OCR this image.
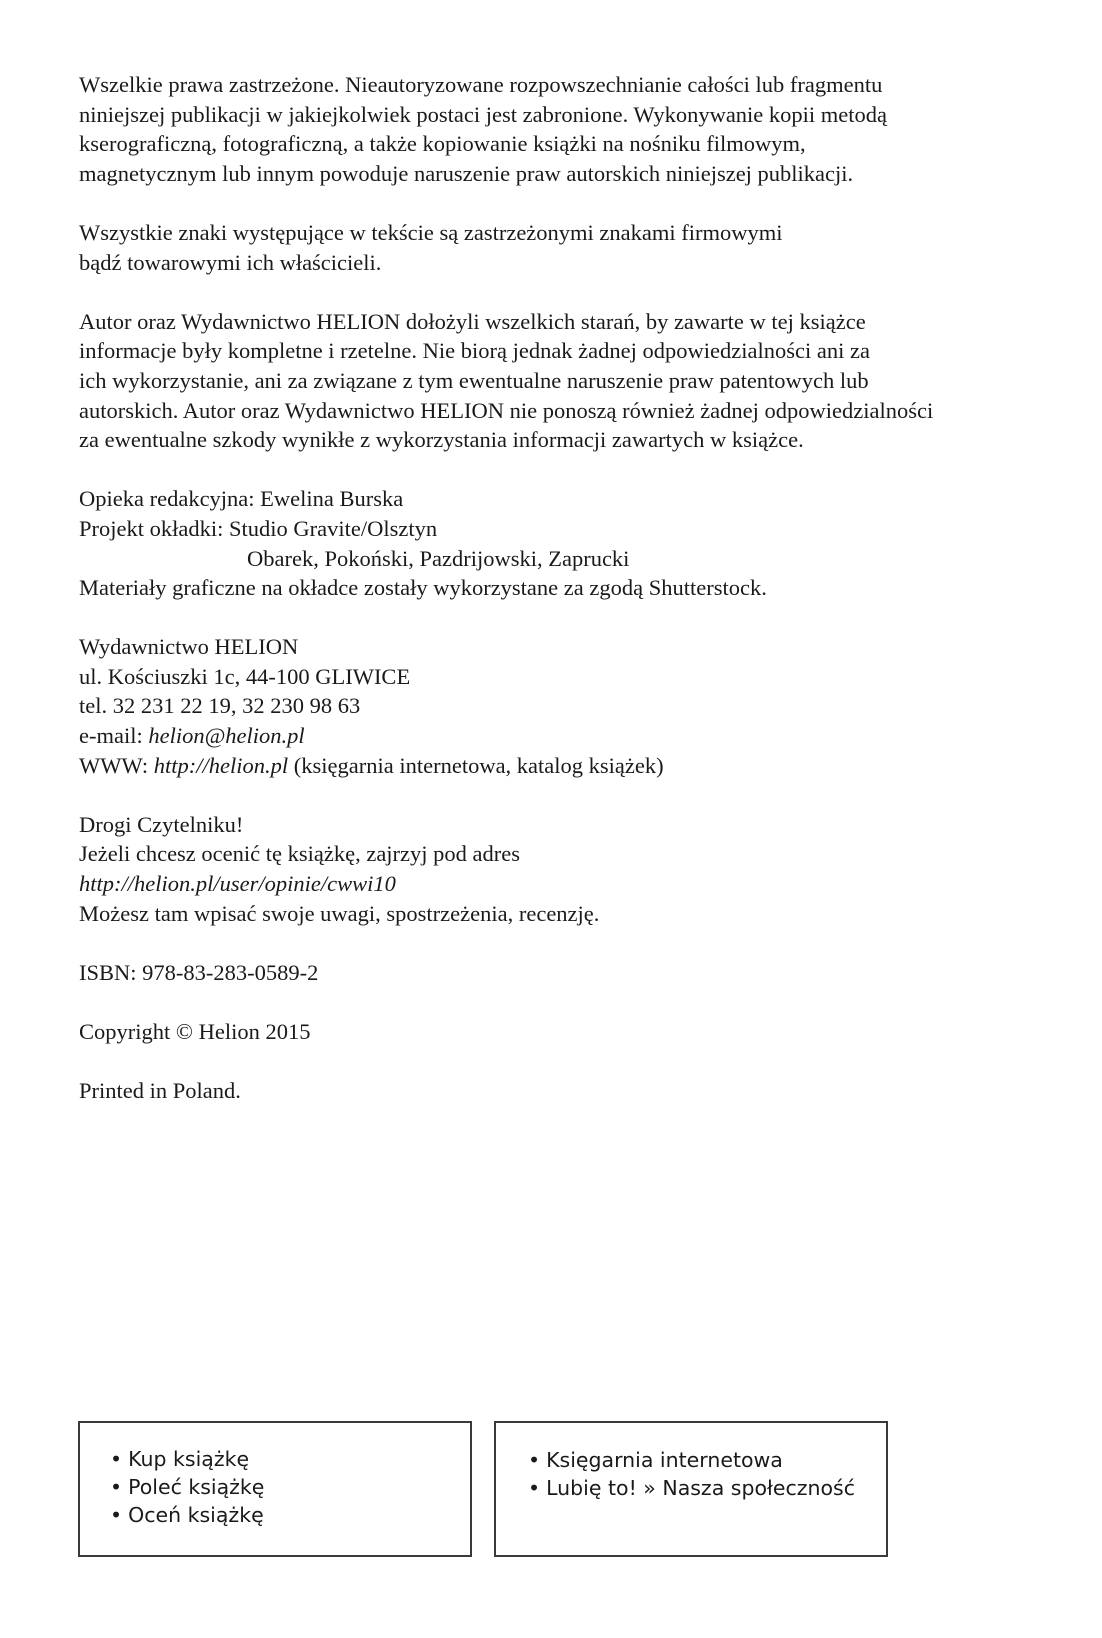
Wszelkie prawa zastrzeżone. Nieautoryzowane rozpowszechnianie całości lub fragmentu
niniejszej publikacji w jakiejkolwiek postaci jest zabronione. Wykonywanie kopii metodą
kserograficzną, fotograficzną, a także kopiowanie książki na nośniku filmowym,
magnetycznym lub innym powoduje naruszenie praw autorskich niniejszej publikacji.

Wszystkie znaki występujące w tekście są zastrzeżonymi znakami firmowymi
bądź towarowymi ich właścicieli.

Autor oraz Wydawnictwo HELION dołożyli wszelkich starań, by zawarte w tej książce
informacje były kompletne i rzetelne. Nie biorą jednak żadnej odpowiedzialności ani za
ich wykorzystanie, ani za związane z tym ewentualne naruszenie praw patentowych lub
autorskich. Autor oraz Wydawnictwo HELION nie ponoszą również żadnej odpowiedzialności
za ewentualne szkody wynikłe z wykorzystania informacji zawartych w książce.

Opieka redakcyjna: Ewelina Burska
Projekt okładki: Studio Gravite/Olsztyn
Obarek, Pokoński, Pazdrijowski, Zaprucki
Materiały graficzne na okładce zostały wykorzystane za zgodą Shutterstock.

Wydawnictwo HELION
ul. Kościuszki 1c, 44-100 GLIWICE
tel. 32 231 22 19, 32 230 98 63
e-mail: helion@helion.pl
WWW: http://helion.pl (księgarnia internetowa, katalog książek)

Drogi Czytelniku!
Jeżeli chcesz ocenić tę książkę, zajrzyj pod adres
http://helion.pl/user/opinie/cwwi10
Możesz tam wpisać swoje uwagi, spostrzeżenia, recenzję.

ISBN: 978-83-283-0589-2

Copyright © Helion 2015

Printed in Poland.

• Kup książkę
• Poleć książkę
• Oceń książkę
• Księgarnia internetowa
• Lubię to! » Nasza społeczność
